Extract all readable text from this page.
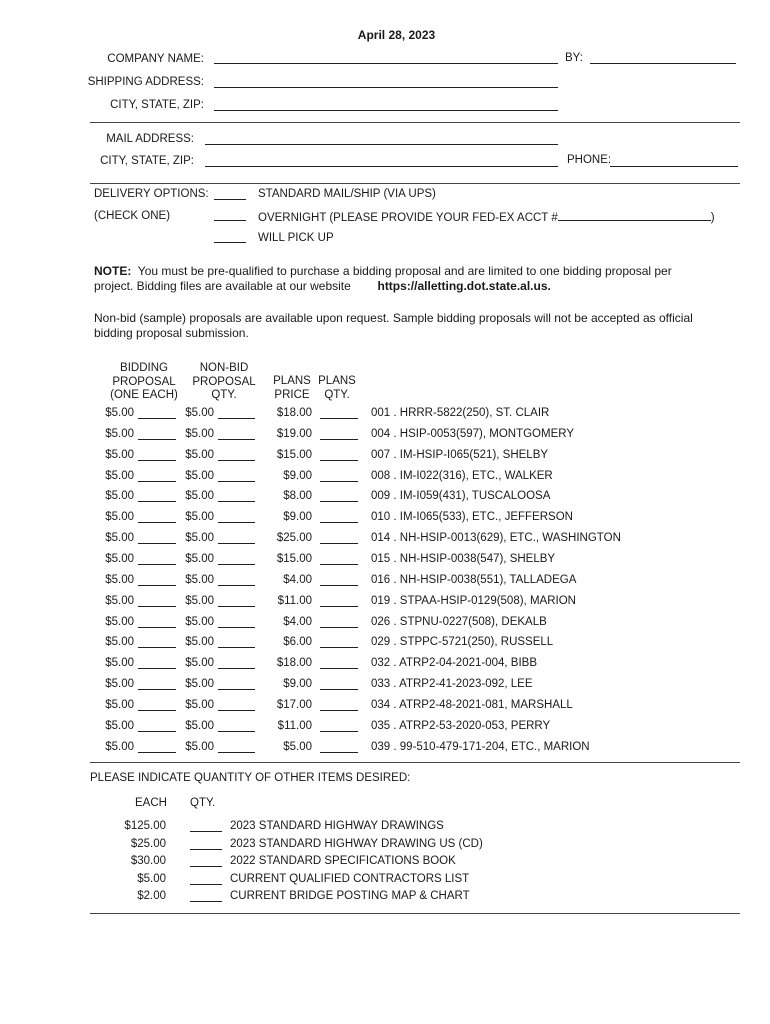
April 28, 2023
COMPANY NAME:	BY:
SHIPPING ADDRESS:
CITY, STATE, ZIP:
MAIL ADDRESS:
CITY, STATE, ZIP:	PHONE:
DELIVERY OPTIONS:
(CHECK ONE)
STANDARD MAIL/SHIP (VIA UPS)
OVERNIGHT (PLEASE PROVIDE YOUR FED-EX ACCT #	)
WILL PICK UP
NOTE: You must be pre-qualified to purchase a bidding proposal and are limited to one bidding proposal per project. Bidding files are available at our website https://alletting.dot.state.al.us.
Non-bid (sample) proposals are available upon request. Sample bidding proposals will not be accepted as official bidding proposal submission.
BIDDING
PROPOSAL
(ONE EACH)
NON-BID
PROPOSAL
QTY.
PLANS
PRICE
PLANS
QTY.
$5.00	$5.00	$18.00	001 . HRRR-5822(250), ST. CLAIR
$5.00	$5.00	$19.00	004 . HSIP-0053(597), MONTGOMERY
$5.00	$5.00	$15.00	007 . IM-HSIP-I065(521), SHELBY
$5.00	$5.00	$9.00	008 . IM-I022(316), ETC., WALKER
$5.00	$5.00	$8.00	009 . IM-I059(431), TUSCALOOSA
$5.00	$5.00	$9.00	010 . IM-I065(533), ETC., JEFFERSON
$5.00	$5.00	$25.00	014 . NH-HSIP-0013(629), ETC., WASHINGTON
$5.00	$5.00	$15.00	015 . NH-HSIP-0038(547), SHELBY
$5.00	$5.00	$4.00	016 . NH-HSIP-0038(551), TALLADEGA
$5.00	$5.00	$11.00	019 . STPAA-HSIP-0129(508), MARION
$5.00	$5.00	$4.00	026 . STPNU-0227(508), DEKALB
$5.00	$5.00	$6.00	029 . STPPC-5721(250), RUSSELL
$5.00	$5.00	$18.00	032 . ATRP2-04-2021-004, BIBB
$5.00	$5.00	$9.00	033 . ATRP2-41-2023-092, LEE
$5.00	$5.00	$17.00	034 . ATRP2-48-2021-081, MARSHALL
$5.00	$5.00	$11.00	035 . ATRP2-53-2020-053, PERRY
$5.00	$5.00	$5.00	039 . 99-510-479-171-204, ETC., MARION
PLEASE INDICATE QUANTITY OF OTHER ITEMS DESIRED:
EACH QTY.
$125.00	2023 STANDARD HIGHWAY DRAWINGS
$25.00	2023 STANDARD HIGHWAY DRAWING US (CD)
$30.00	2022 STANDARD SPECIFICATIONS BOOK
$5.00	CURRENT QUALIFIED CONTRACTORS LIST
$2.00	CURRENT BRIDGE POSTING MAP & CHART
